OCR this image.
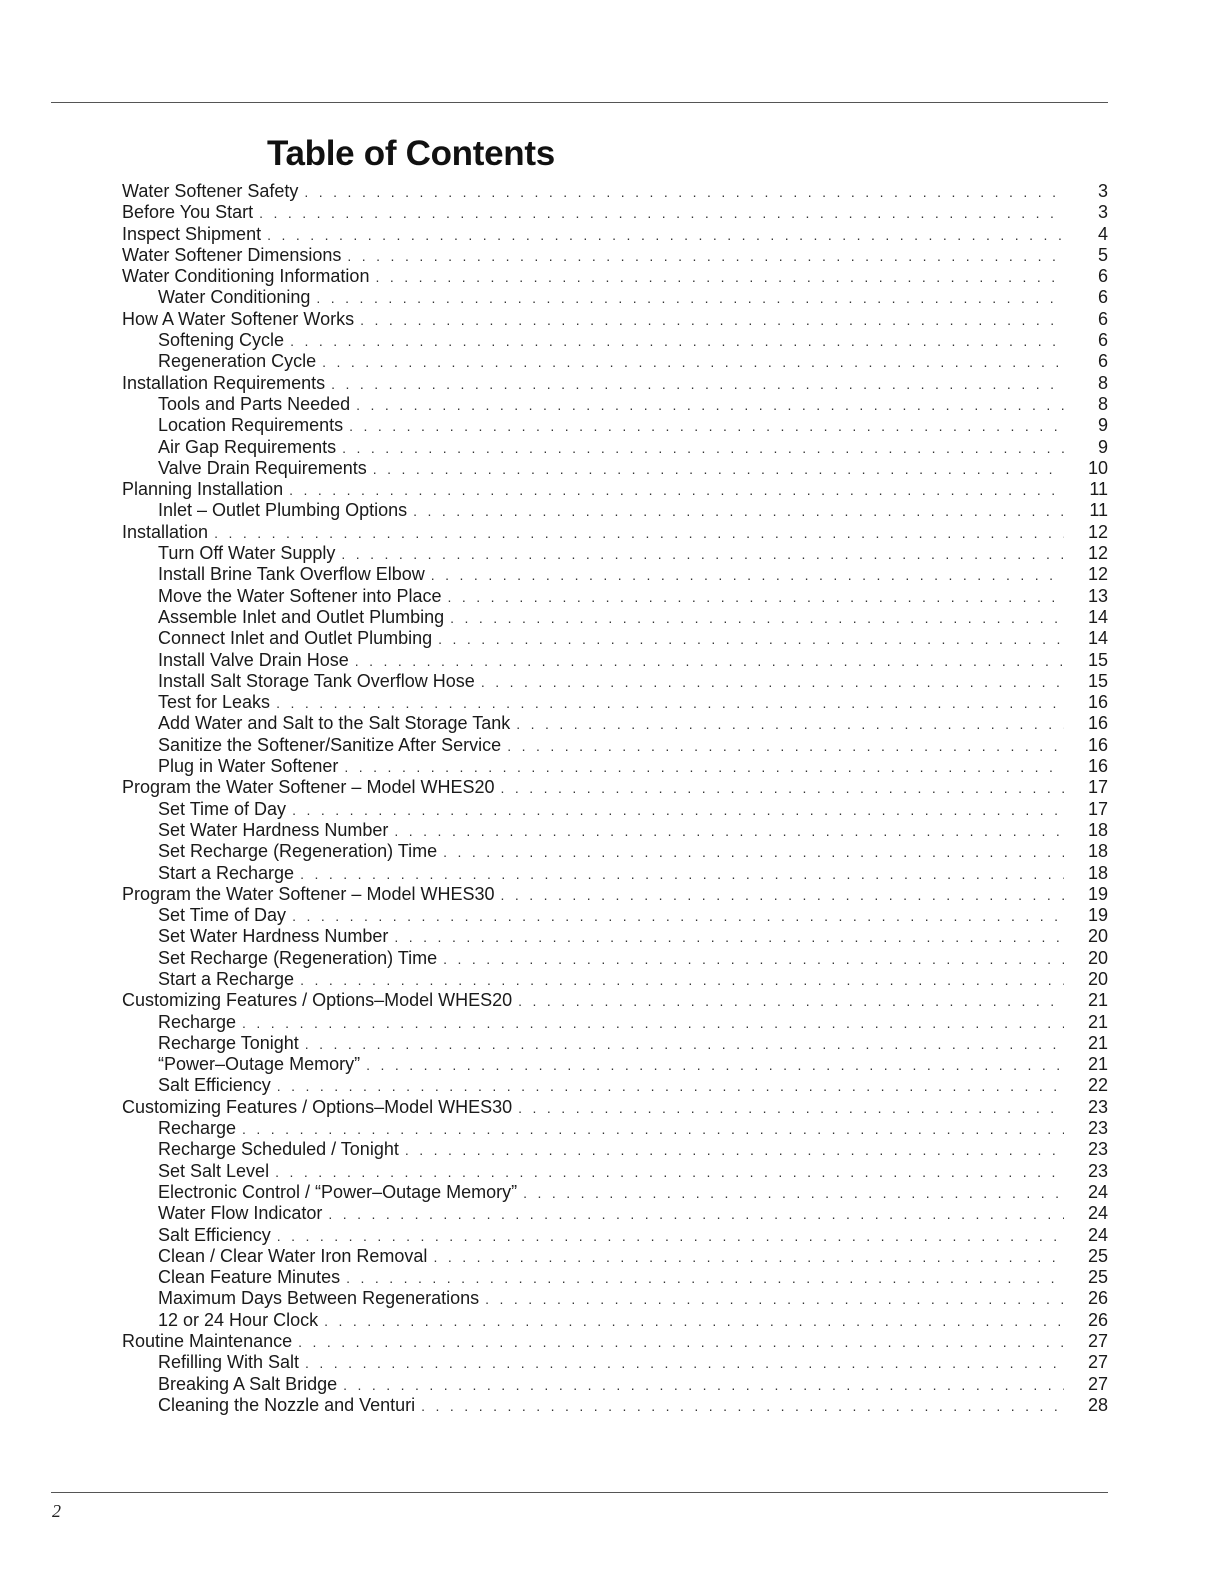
Table of Contents
Water Softener Safety . . .	3
Before You Start . . .	3
Inspect Shipment . . .	4
Water Softener Dimensions . . .	5
Water Conditioning Information . . .	6
Water Conditioning . . .	6
How A Water Softener Works . . .	6
Softening Cycle . . .	6
Regeneration Cycle . . .	6
Installation Requirements . . .	8
Tools and Parts Needed . . .	8
Location Requirements . . .	9
Air Gap Requirements . . .	9
Valve Drain Requirements . . .	10
Planning Installation . . .	11
Inlet – Outlet Plumbing Options . . .	11
Installation . . .	12
Turn Off Water Supply . . .	12
Install Brine Tank Overflow Elbow . . .	12
Move the Water Softener into Place . . .	13
Assemble Inlet and Outlet Plumbing . . .	14
Connect Inlet and Outlet Plumbing . . .	14
Install Valve Drain Hose . . .	15
Install Salt Storage Tank Overflow Hose . . .	15
Test for Leaks . . .	16
Add Water and Salt to the Salt Storage Tank . . .	16
Sanitize the Softener/Sanitize After Service . . .	16
Plug in Water Softener . . .	16
Program the Water Softener – Model WHES20 . . .	17
Set Time of Day . . .	17
Set Water Hardness Number . . .	18
Set Recharge (Regeneration) Time . . .	18
Start a Recharge . . .	18
Program the Water Softener – Model WHES30 . . .	19
Set Time of Day . . .	19
Set Water Hardness Number . . .	20
Set Recharge (Regeneration) Time . . .	20
Start a Recharge . . .	20
Customizing Features / Options–Model WHES20 . . .	21
Recharge . . .	21
Recharge Tonight . . .	21
“Power–Outage Memory” . . .	21
Salt Efficiency . . .	22
Customizing Features / Options–Model WHES30 . . .	23
Recharge . . .	23
Recharge Scheduled / Tonight . . .	23
Set Salt Level . . .	23
Electronic Control / “Power–Outage Memory” . . .	24
Water Flow Indicator . . .	24
Salt Efficiency . . .	24
Clean / Clear Water Iron Removal . . .	25
Clean Feature Minutes . . .	25
Maximum Days Between Regenerations . . .	26
12 or 24 Hour Clock . . .	26
Routine Maintenance . . .	27
Refilling With Salt . . .	27
Breaking A Salt Bridge . . .	27
Cleaning the Nozzle and Venturi . . .	28
2
